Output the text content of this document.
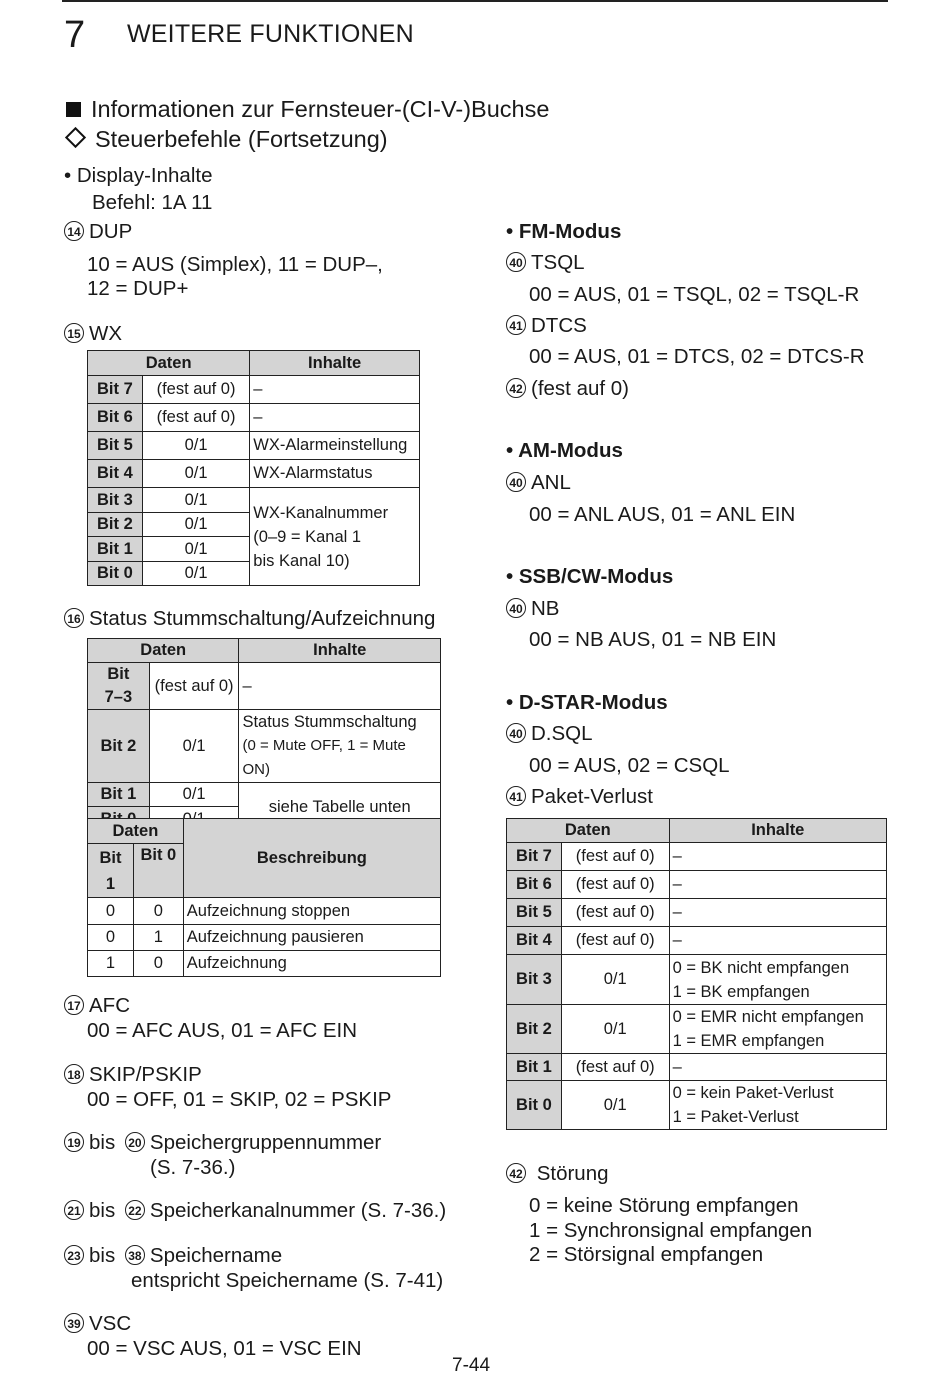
7 WEITERE FUNKTIONEN
Informationen zur Fernsteuer-(CI-V-)Buchse
Steuerbefehle (Fortsetzung)
• Display-Inhalte
Befehl: 1A 11
14 DUP
10 = AUS (Simplex), 11 = DUP–,
12 = DUP+
15 WX
Daten		Inhalte
Bit 7	(fest auf 0)	–
Bit 6	(fest auf 0)	–
Bit 5	0/1	WX-Alarmeinstellung
Bit 4	0/1	WX-Alarmstatus
Bit 3	0/1	WX-Kanalnummer
(0–9 = Kanal 1
bis Kanal 10)

Bit 2	0/1	
Bit 1	0/1	
Bit 0	0/1	
16 Status Stummschaltung/Aufzeichnung
Daten		Inhalte

Bit
7–3	(fest auf 0)	–
Bit 2	0/1	Status Stummschaltung
(0 = Mute OFF, 1 = Mute ON)

Bit 1	0/1	siehe Tabelle unten

Daten		Beschreibung

Bit
1	Bit 0	
0	0	Aufzeichnung stoppen
0	1	Aufzeichnung pausieren
1	0	Aufzeichnung
17 AFC
00 = AFC AUS, 01 = AFC EIN
18 SKIP/PSKIP
00 = OFF, 01 = SKIP, 02 = PSKIP
19 bis 20 Speichergruppennummer
(S. 7-36.)
21 bis 22 Speicherkanalnummer (S. 7-36.)
23 bis 38 Speichername
entspricht Speichername (S. 7-41)
39 VSC
00 = VSC AUS, 01 = VSC EIN
• FM-Modus
40 TSQL
00 = AUS, 01 = TSQL, 02 = TSQL-R
41 DTCS
00 = AUS, 01 = DTCS, 02 = DTCS-R
42 (fest auf 0)
• AM-Modus
40 ANL
00 = ANL AUS, 01 = ANL EIN
• SSB/CW-Modus
40 NB
00 = NB AUS, 01 = NB EIN
• D-STAR-Modus
40 D.SQL
00 = AUS, 02 = CSQL
41 Paket-Verlust
Daten		Inhalte
Bit 7	(fest auf 0)	–
Bit 6	(fest auf 0)	–
Bit 5	(fest auf 0)	–
Bit 4	(fest auf 0)	–
Bit 3	0/1	0 = BK nicht empfangen
1 = BK empfangen

Bit 2	0/1	0 = EMR nicht empfangen
1 = EMR empfangen

Bit 1	(fest auf 0)	–
Bit 0	0/1	0 = kein Paket-Verlust
1 = Paket-Verlust
42 Störung
0 = keine Störung empfangen
1 = Synchronsignal empfangen
2 = Störsignal empfangen
7-44
